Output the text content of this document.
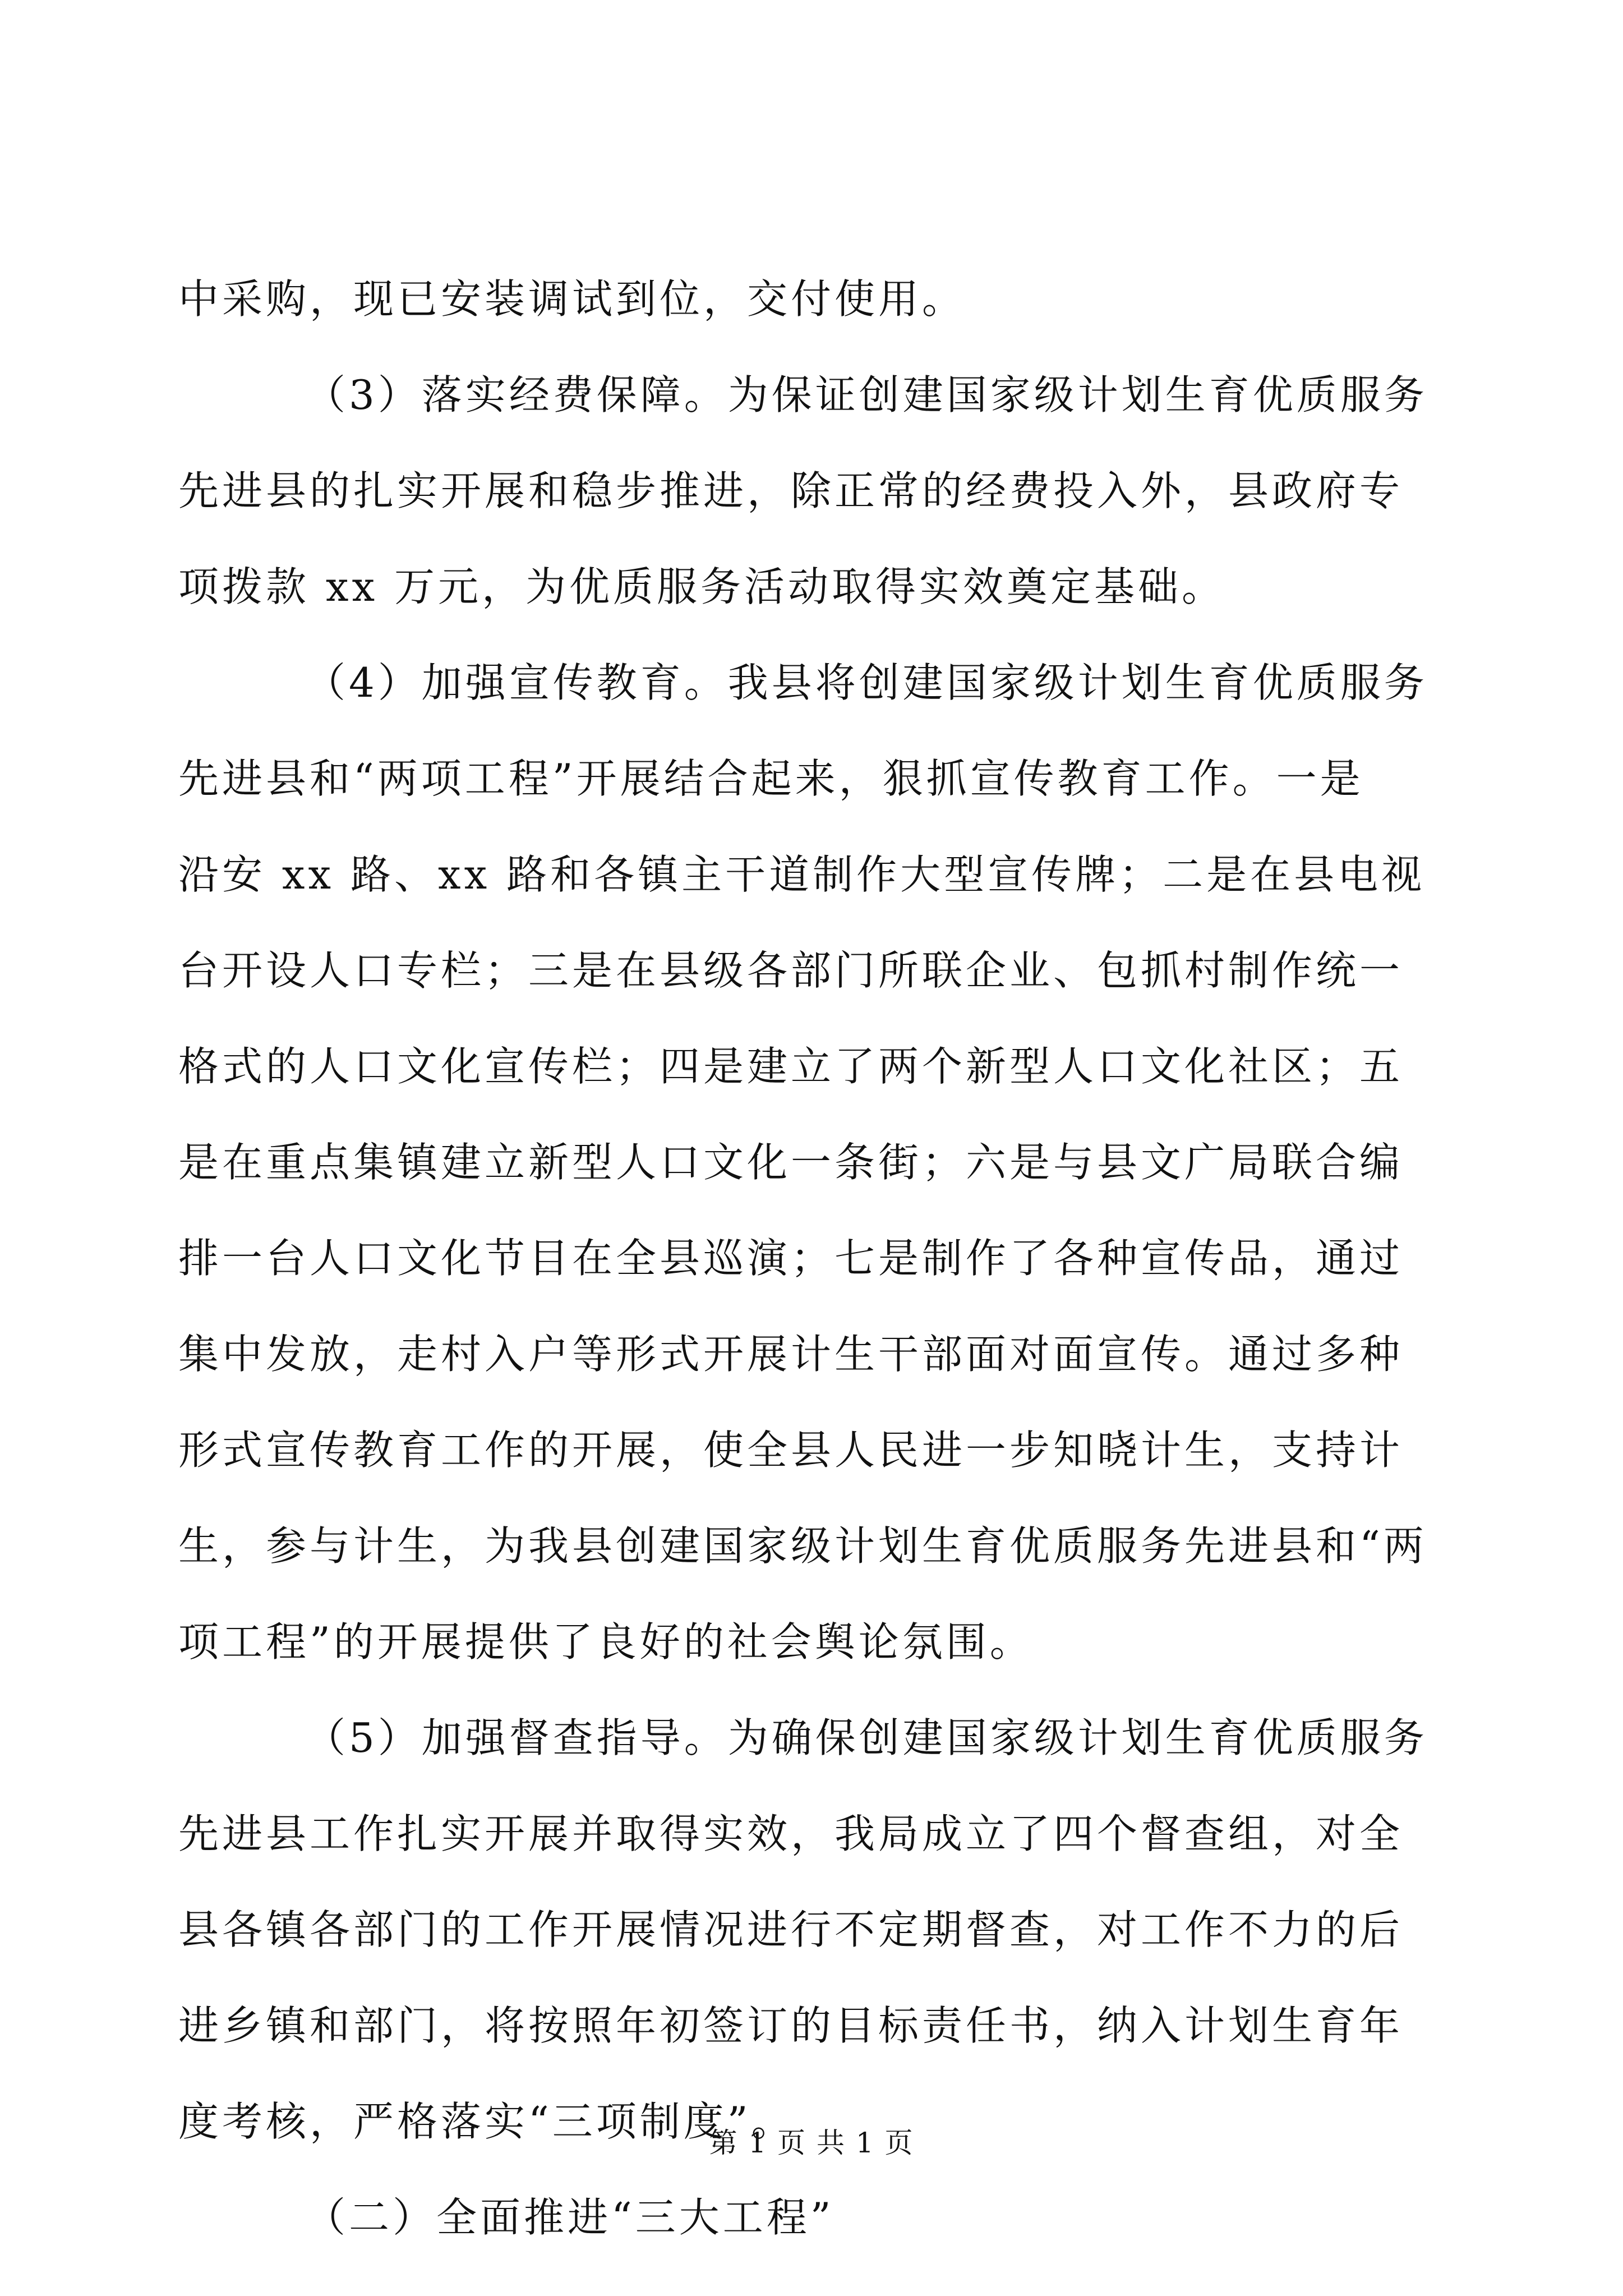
中采购，现已安装调试到位，交付使用。
（3）落实经费保障。为保证创建国家级计划生育优质服务
先进县的扎实开展和稳步推进，除正常的经费投入外，县政府专
项拨款 xx 万元，为优质服务活动取得实效奠定基础。
（4）加强宣传教育。我县将创建国家级计划生育优质服务
先进县和“两项工程”开展结合起来，狠抓宣传教育工作。一是
沿安 xx 路、xx 路和各镇主干道制作大型宣传牌；二是在县电视
台开设人口专栏；三是在县级各部门所联企业、包抓村制作统一
格式的人口文化宣传栏；四是建立了两个新型人口文化社区；五
是在重点集镇建立新型人口文化一条街；六是与县文广局联合编
排一台人口文化节目在全县巡演；七是制作了各种宣传品，通过
集中发放，走村入户等形式开展计生干部面对面宣传。通过多种
形式宣传教育工作的开展，使全县人民进一步知晓计生，支持计
生，参与计生，为我县创建国家级计划生育优质服务先进县和“两
项工程”的开展提供了良好的社会舆论氛围。
（5）加强督查指导。为确保创建国家级计划生育优质服务
先进县工作扎实开展并取得实效，我局成立了四个督查组，对全
县各镇各部门的工作开展情况进行不定期督查，对工作不力的后
进乡镇和部门，将按照年初签订的目标责任书，纳入计划生育年
度考核，严格落实“三项制度”。
（二）全面推进“三大工程”
第 1 页 共 1 页
